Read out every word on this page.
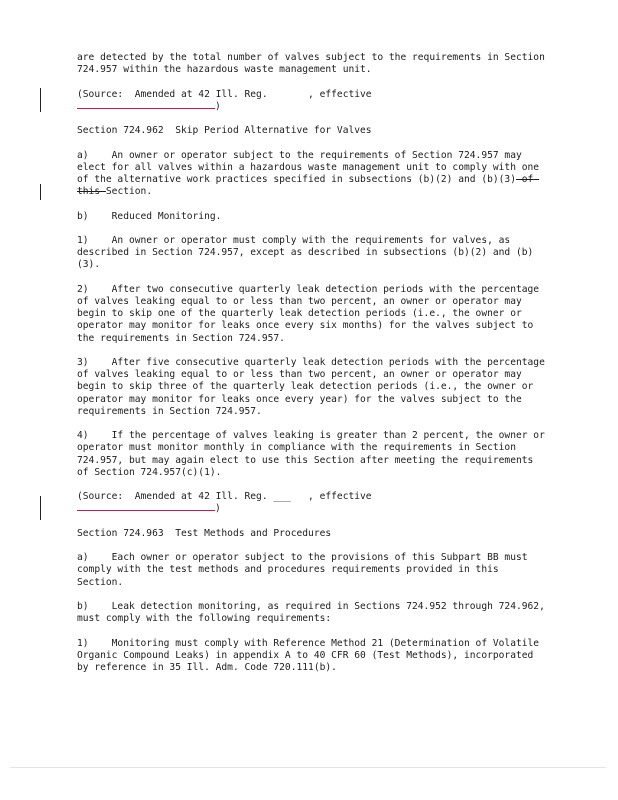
are detected by the total number of valves subject to the requirements in Section 724.957 within the hazardous waste management unit.

(Source:  Amended at 42 Ill. Reg.	, effective
)

Section 724.962  Skip Period Alternative for Valves

a)    An owner or operator subject to the requirements of Section 724.957 may elect for all valves within a hazardous waste management unit to comply with one of the alternative work practices specified in subsections (b)(2) and (b)(3) of this Section.

b)    Reduced Monitoring.

1)    An owner or operator must comply with the requirements for valves, as described in Section 724.957, except as described in subsections (b)(2) and (b)(3).

2)    After two consecutive quarterly leak detection periods with the percentage of valves leaking equal to or less than two percent, an owner or operator may begin to skip one of the quarterly leak detection periods (i.e., the owner or operator may monitor for leaks once every six months) for the valves subject to the requirements in Section 724.957.

3)    After five consecutive quarterly leak detection periods with the percentage of valves leaking equal to or less than two percent, an owner or operator may begin to skip three of the quarterly leak detection periods (i.e., the owner or operator may monitor for leaks once every year) for the valves subject to the requirements in Section 724.957.

4)    If the percentage of valves leaking is greater than 2 percent, the owner or operator must monitor monthly in compliance with the requirements in Section 724.957, but may again elect to use this Section after meeting the requirements of Section 724.957(c)(1).

(Source:  Amended at 42 Ill. Reg. ___ , effective
)

Section 724.963  Test Methods and Procedures

a)    Each owner or operator subject to the provisions of this Subpart BB must comply with the test methods and procedures requirements provided in this Section.

b)    Leak detection monitoring, as required in Sections 724.952 through 724.962, must comply with the following requirements:

1)    Monitoring must comply with Reference Method 21 (Determination of Volatile Organic Compound Leaks) in appendix A to 40 CFR 60 (Test Methods), incorporated by reference in 35 Ill. Adm. Code 720.111(b).
